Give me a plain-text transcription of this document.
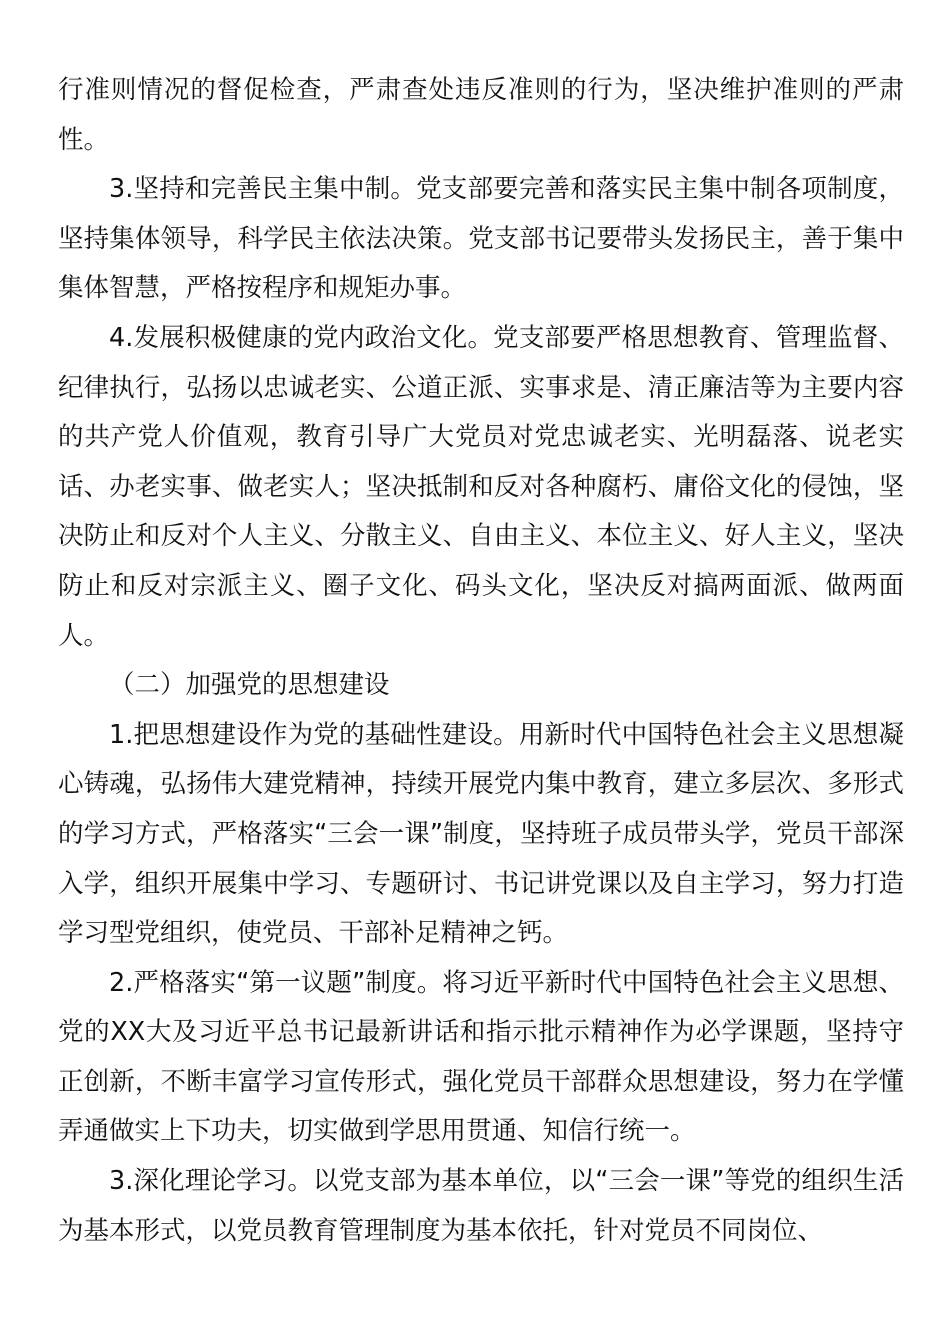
行准则情况的督促检查，严肃查处违反准则的行为，坚决维护准则的严肃性。

3.坚持和完善民主集中制。党支部要完善和落实民主集中制各项制度，坚持集体领导，科学民主依法决策。党支部书记要带头发扬民主，善于集中集体智慧，严格按程序和规矩办事。

4.发展积极健康的党内政治文化。党支部要严格思想教育、管理监督、纪律执行，弘扬以忠诚老实、公道正派、实事求是、清正廉洁等为主要内容的共产党人价值观，教育引导广大党员对党忠诚老实、光明磊落、说老实话、办老实事、做老实人；坚决抵制和反对各种腐朽、庸俗文化的侵蚀，坚决防止和反对个人主义、分散主义、自由主义、本位主义、好人主义，坚决防止和反对宗派主义、圈子文化、码头文化，坚决反对搞两面派、做两面人。

（二）加强党的思想建设

1.把思想建设作为党的基础性建设。用新时代中国特色社会主义思想凝心铸魂，弘扬伟大建党精神，持续开展党内集中教育，建立多层次、多形式的学习方式，严格落实“三会一课”制度，坚持班子成员带头学，党员干部深入学，组织开展集中学习、专题研讨、书记讲党课以及自主学习，努力打造学习型党组织，使党员、干部补足精神之钙。

2.严格落实“第一议题”制度。将习近平新时代中国特色社会主义思想、党的XX大及习近平总书记最新讲话和指示批示精神作为必学课题，坚持守正创新，不断丰富学习宣传形式，强化党员干部群众思想建设，努力在学懂弄通做实上下功夫，切实做到学思用贯通、知信行统一。

3.深化理论学习。以党支部为基本单位，以“三会一课”等党的组织生活为基本形式，以党员教育管理制度为基本依托，针对党员不同岗位、
